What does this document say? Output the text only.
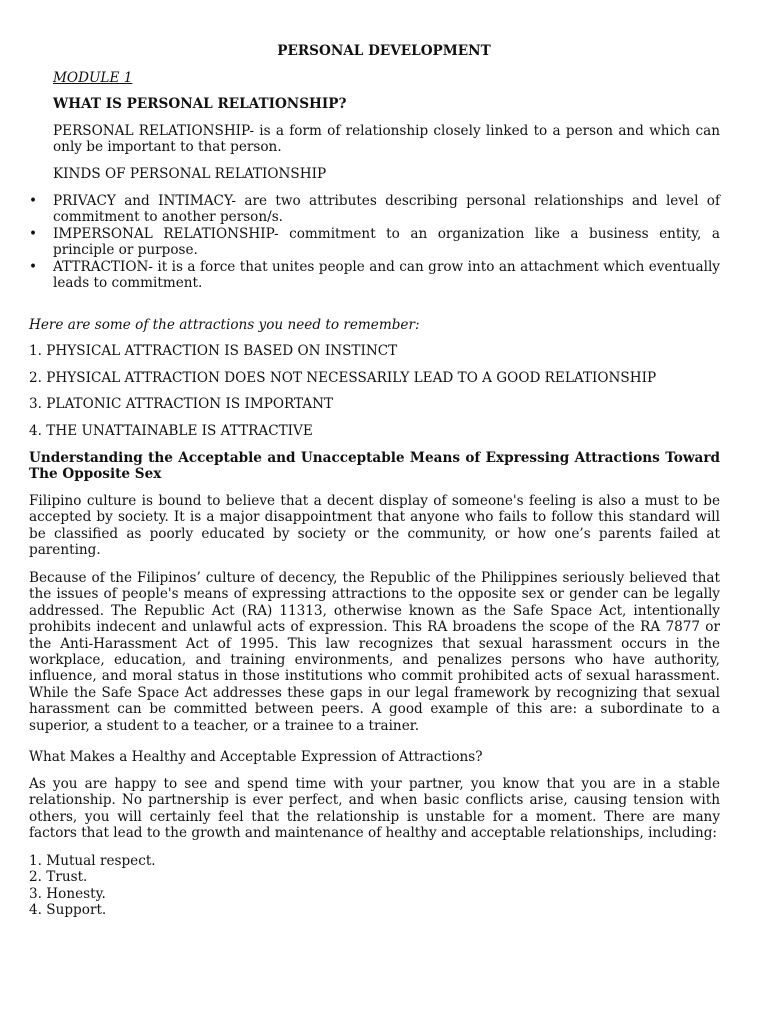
PERSONAL DEVELOPMENT

MODULE 1

WHAT IS PERSONAL RELATIONSHIP?

PERSONAL RELATIONSHIP- is a form of relationship closely linked to a person and which can only be important to that person.

KINDS OF PERSONAL RELATIONSHIP

• PRIVACY and INTIMACY- are two attributes describing personal relationships and level of commitment to another person/s.
• IMPERSONAL RELATIONSHIP- commitment to an organization like a business entity, a principle or purpose.
• ATTRACTION- it is a force that unites people and can grow into an attachment which eventually leads to commitment.

Here are some of the attractions you need to remember:

1. PHYSICAL ATTRACTION IS BASED ON INSTINCT

2. PHYSICAL ATTRACTION DOES NOT NECESSARILY LEAD TO A GOOD RELATIONSHIP

3. PLATONIC ATTRACTION IS IMPORTANT

4. THE UNATTAINABLE IS ATTRACTIVE

Understanding the Acceptable and Unacceptable Means of Expressing Attractions Toward The Opposite Sex

Filipino culture is bound to believe that a decent display of someone's feeling is also a must to be accepted by society. It is a major disappointment that anyone who fails to follow this standard will be classified as poorly educated by society or the community, or how one’s parents failed at parenting.

Because of the Filipinos’ culture of decency, the Republic of the Philippines seriously believed that the issues of people's means of expressing attractions to the opposite sex or gender can be legally addressed. The Republic Act (RA) 11313, otherwise known as the Safe Space Act, intentionally prohibits indecent and unlawful acts of expression. This RA broadens the scope of the RA 7877 or the Anti-Harassment Act of 1995. This law recognizes that sexual harassment occurs in the workplace, education, and training environments, and penalizes persons who have authority, influence, and moral status in those institutions who commit prohibited acts of sexual harassment. While the Safe Space Act addresses these gaps in our legal framework by recognizing that sexual harassment can be committed between peers. A good example of this are: a subordinate to a superior, a student to a teacher, or a trainee to a trainer.

What Makes a Healthy and Acceptable Expression of Attractions?

As you are happy to see and spend time with your partner, you know that you are in a stable relationship. No partnership is ever perfect, and when basic conflicts arise, causing tension with others, you will certainly feel that the relationship is unstable for a moment. There are many factors that lead to the growth and maintenance of healthy and acceptable relationships, including:

1. Mutual respect.
2. Trust.
3. Honesty.
4. Support.
